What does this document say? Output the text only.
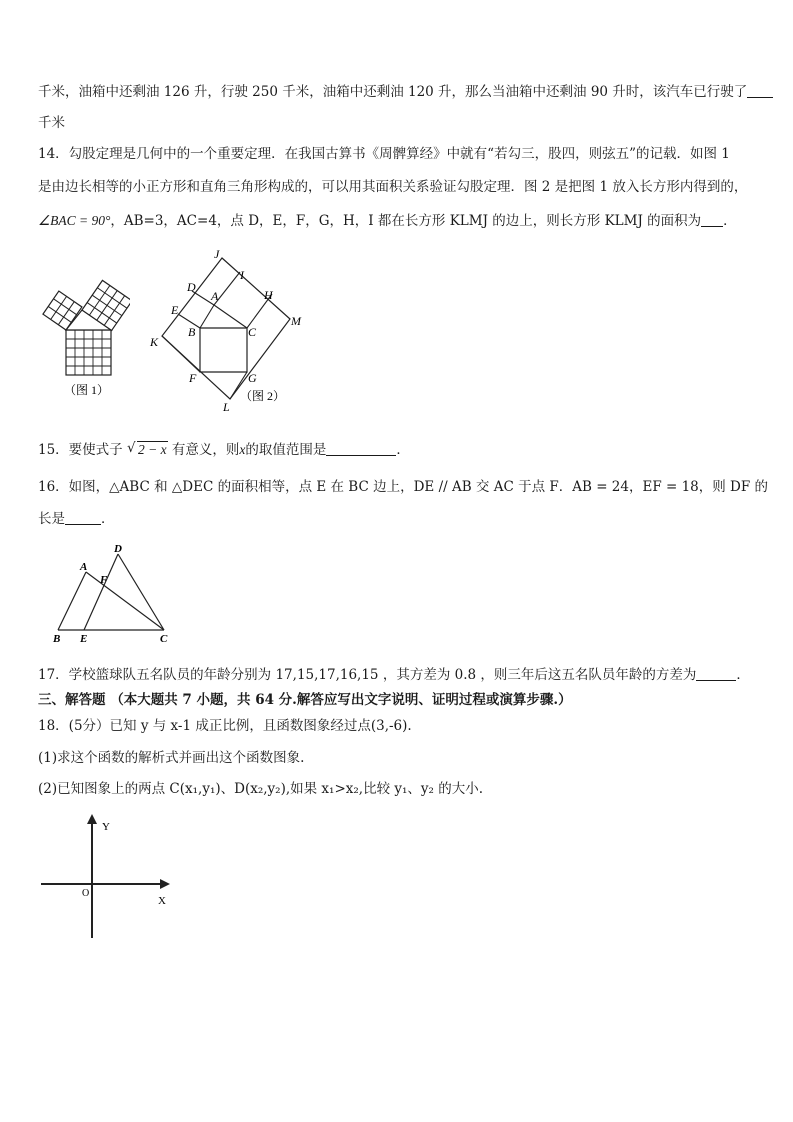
千米，油箱中还剩油 126 升，行驶 250 千米，油箱中还剩油 120 升，那么当油箱中还剩油 90 升时，该汽车已行驶了
千米
14．勾股定理是几何中的一个重要定理．在我国古算书《周髀算经》中就有“若勾三，股四，则弦五”的记载．如图 1
是由边长相等的小正方形和直角三角形构成的，可以用其面积关系验证勾股定理．图 2 是把图 1 放入长方形内得到的，
∠BAC = 90°，AB=3，AC=4，点 D，E，F，G，H，I 都在长方形 KLMJ 的边上，则长方形 KLMJ 的面积为 ．
（图 1）
J
I
D
A	H
E
M
B	C
K
F	G
L
（图 2）
15．要使式子 √ 2 − x 有意义，则x的取值范围是	．
16．如图，△ABC 和 △DEC 的面积相等，点 E 在 BC 边上，DE // AB 交 AC 于点 F．AB = 24，EF = 18，则 DF 的
长是	．
D
A
F
B E	C
17．学校篮球队五名队员的年龄分别为 17,15,17,16,15 ，其方差为 0.8 ，则三年后这五名队员年龄的方差为	．
三、解答题 （本大题共 7 小题，共 64 分.解答应写出文字说明、证明过程或演算步骤.）
18．(5分）已知 y 与 x-1 成正比例，且函数图象经过点(3,-6).
(1)求这个函数的解析式并画出这个函数图象.
(2)已知图象上的两点 C(x₁,y₁)、D(x₂,y₂),如果 x₁>x₂,比较 y₁、y₂ 的大小.
Y
X
O
